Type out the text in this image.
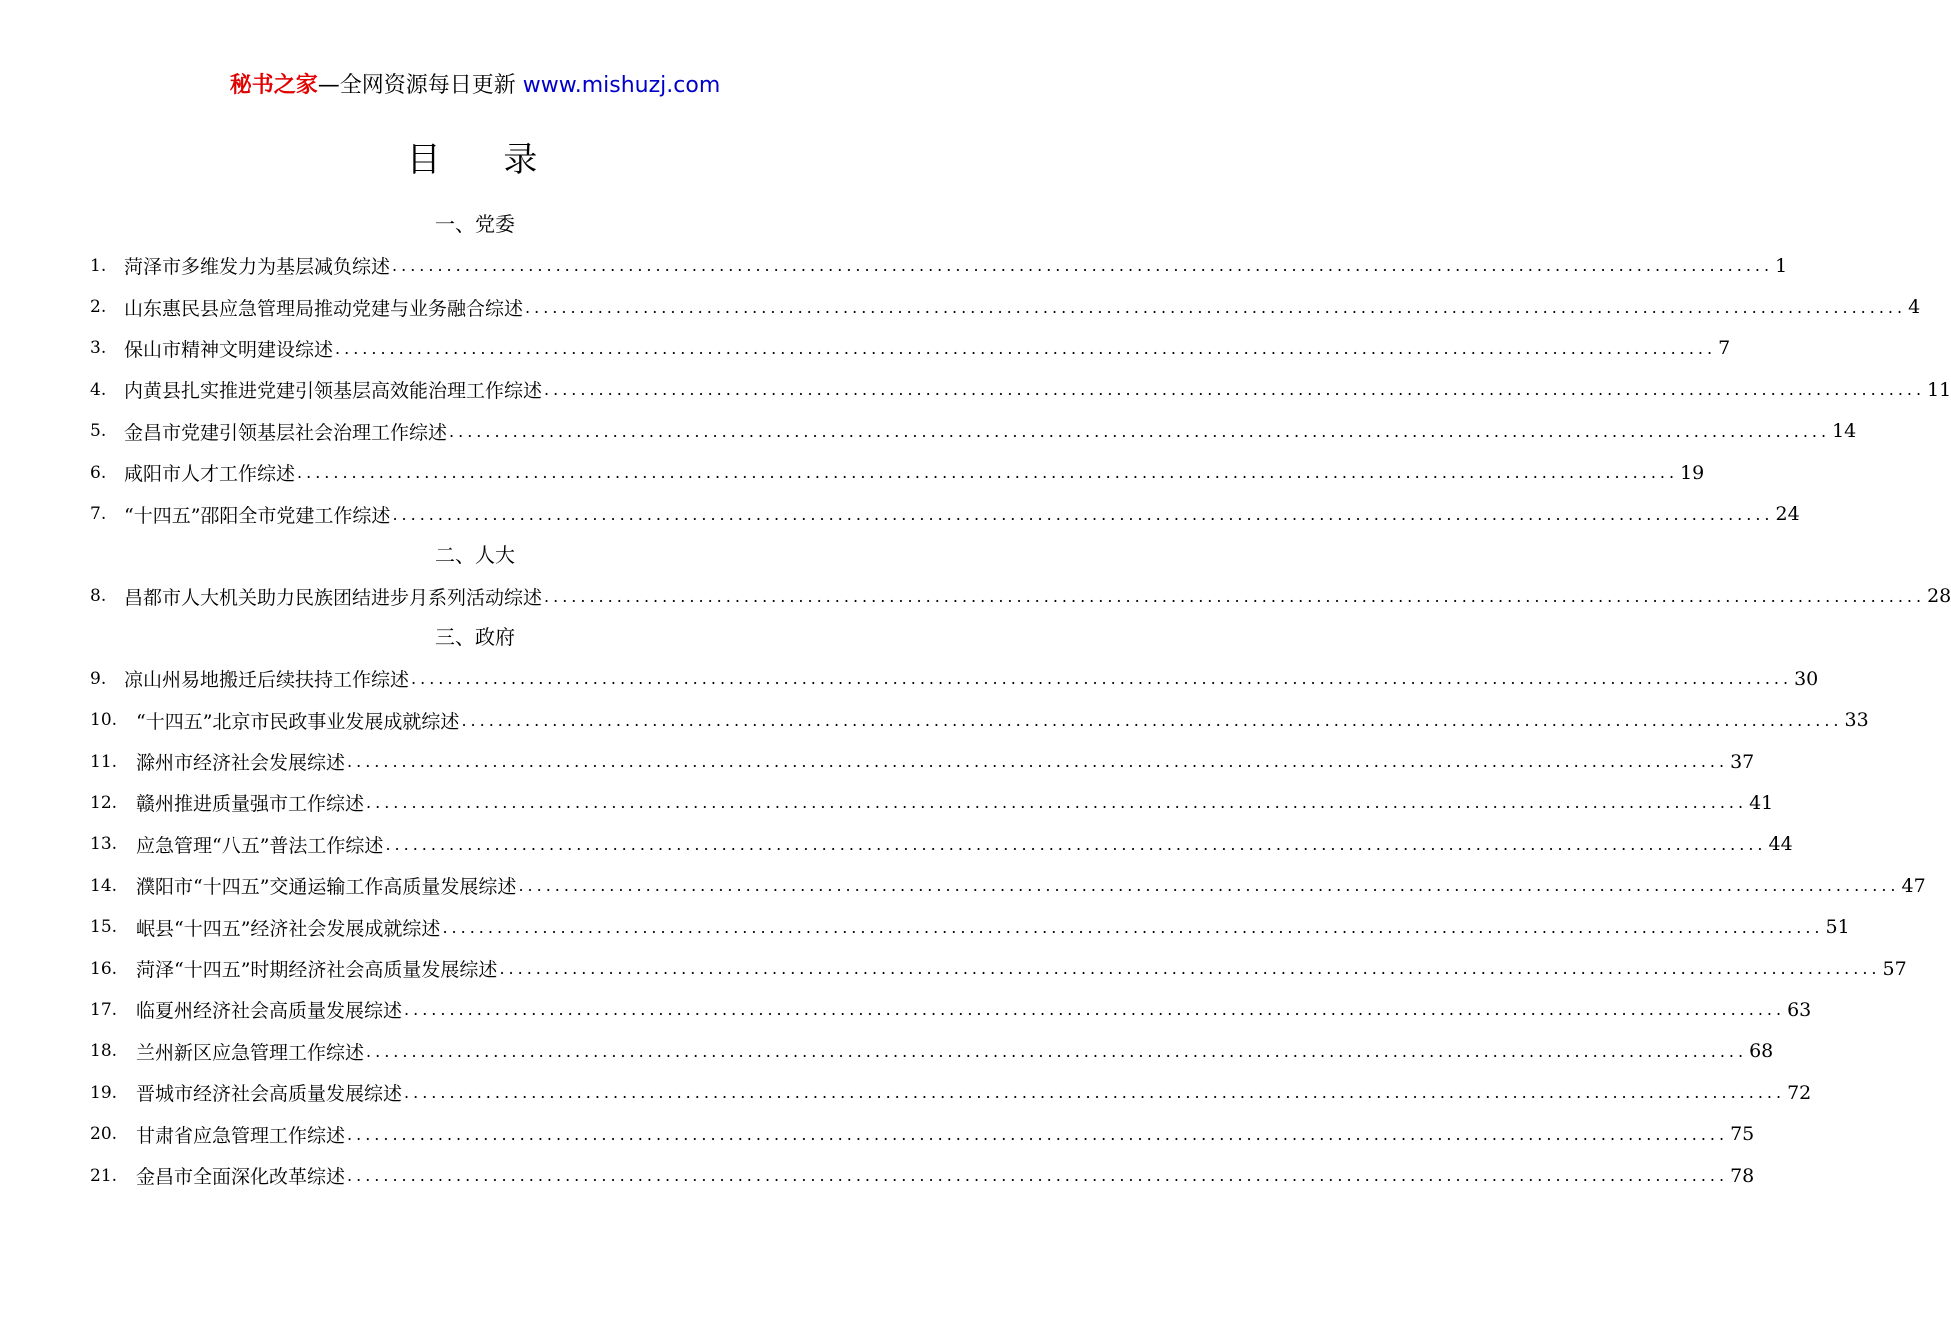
秘书之家—全网资源每日更新 www.mishuzj.com
目 录
一、党委
1. 菏泽市多维发力为基层减负综述 ........................................................................................................................................................ 1
2. 山东惠民县应急管理局推动党建与业务融合综述 ........................................................................................................................................................ 4
3. 保山市精神文明建设综述 ........................................................................................................................................................ 7
4. 内黄县扎实推进党建引领基层高效能治理工作综述 ........................................................................................................................................................ 11
5. 金昌市党建引领基层社会治理工作综述 ........................................................................................................................................................ 14
6. 咸阳市人才工作综述 ........................................................................................................................................................ 19
7. “十四五”邵阳全市党建工作综述 ........................................................................................................................................................ 24
二、人大
8. 昌都市人大机关助力民族团结进步月系列活动综述 ........................................................................................................................................................ 28
三、政府
9. 凉山州易地搬迁后续扶持工作综述 ........................................................................................................................................................ 30
10. “十四五”北京市民政事业发展成就综述 ........................................................................................................................................................ 33
11. 滁州市经济社会发展综述 ........................................................................................................................................................ 37
12. 赣州推进质量强市工作综述 ........................................................................................................................................................ 41
13. 应急管理“八五”普法工作综述 ........................................................................................................................................................ 44
14. 濮阳市“十四五”交通运输工作高质量发展综述 ........................................................................................................................................................ 47
15. 岷县“十四五”经济社会发展成就综述 ........................................................................................................................................................ 51
16. 菏泽“十四五”时期经济社会高质量发展综述 ........................................................................................................................................................ 57
17. 临夏州经济社会高质量发展综述 ........................................................................................................................................................ 63
18. 兰州新区应急管理工作综述 ........................................................................................................................................................ 68
19. 晋城市经济社会高质量发展综述 ........................................................................................................................................................ 72
20. 甘肃省应急管理工作综述 ........................................................................................................................................................ 75
21. 金昌市全面深化改革综述 ........................................................................................................................................................ 78
